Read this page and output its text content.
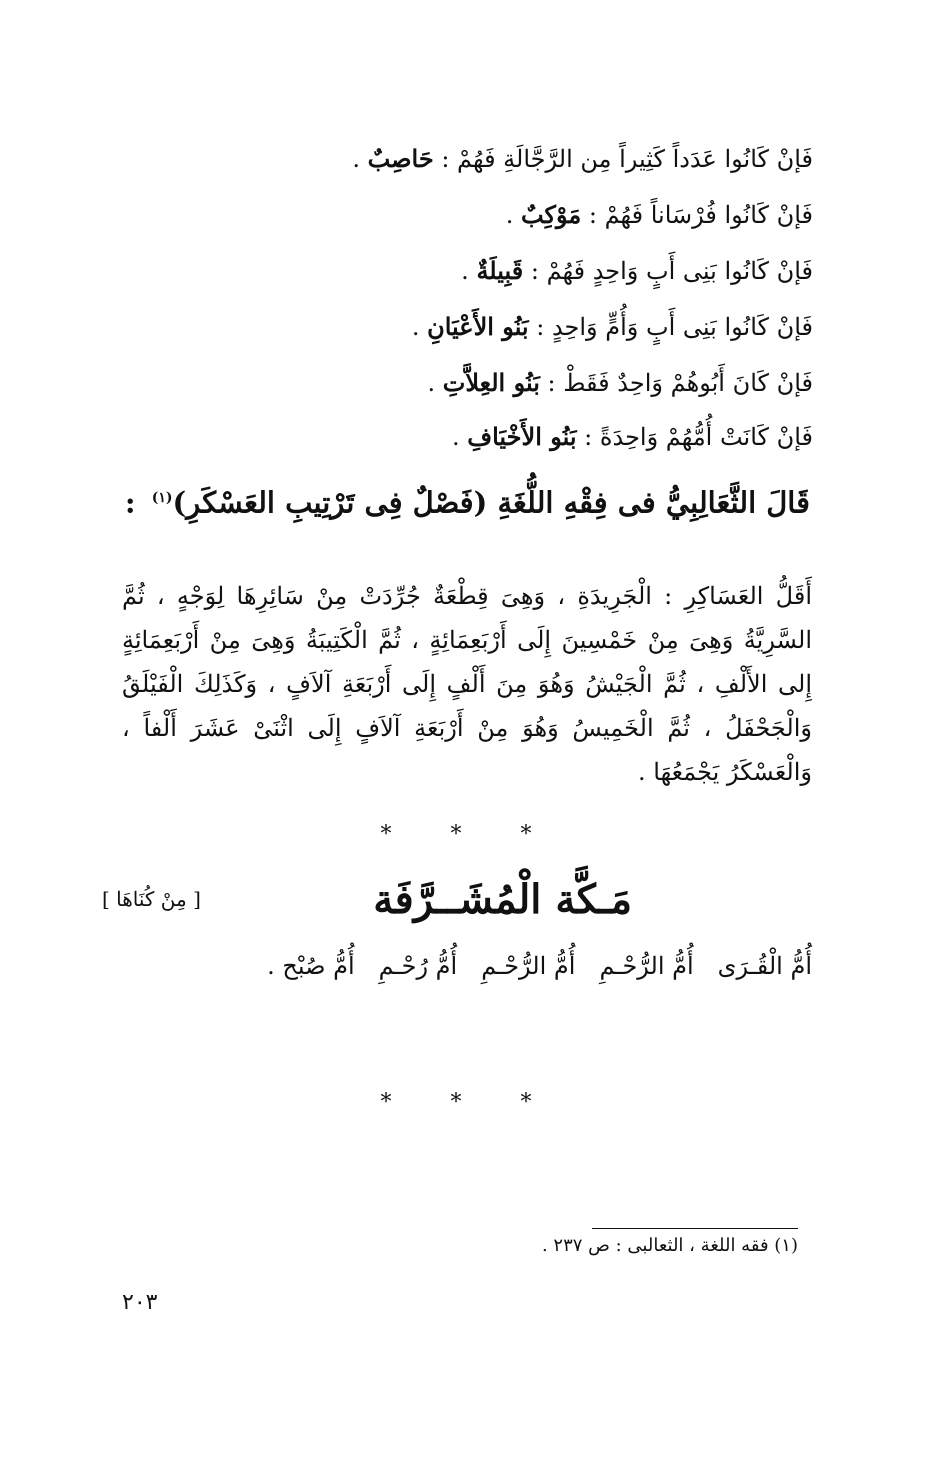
فَإنْ كَانُوا عَدَداً كَثِيراً مِن الرَّجَّالَةِ فَهُمْ : حَاصِبٌ .
فَإنْ كَانُوا فُرْسَاناً فَهُمْ : مَوْكِبٌ .
فَإنْ كَانُوا بَنِى أَبٍ وَاحِدٍ فَهُمْ : قَبِيلَةٌ .
فَإنْ كَانُوا بَنِى أَبٍ وَأُمٍّ وَاحِدٍ : بَنُو الأَعْيَانِ .
فَإنْ كَانَ أَبُوهُمْ وَاحِدٌ فَقَطْ : بَنُو العِلاَّتِ .
فَإنْ كَانَتْ أُمُّهُمْ وَاحِدَةً : بَنُو الأَخْيَافِ .
قَالَ الثَّعَالِبِيُّ فى فِقْهِ اللُّغَةِ (فَصْلٌ فِى تَرْتِيبِ العَسْكَرِ)$^{(١)}$ :

أَقَلُّ العَسَاكِرِ : الْجَرِيدَةِ ، وَهِىَ قِطْعَةٌ جُرِّدَتْ مِنْ سَائِرِهَا لِوَجْهٍ ، ثُمَّ السَّرِيَّةُ وَهِىَ مِنْ خَمْسِينَ إِلَى أَرْبَعِمَائِةٍ ، ثُمَّ الْكَتِيبَةُ وَهِىَ مِنْ أَرْبَعِمَائِةٍ إِلى الأَلْفِ ، ثُمَّ الْجَيْشُ وَهُوَ مِنَ أَلْفٍ إِلَى أَرْبَعَةِ آلاَفٍ ، وَكَذَلِكَ الْفَيْلَقُ وَالْجَحْفَلُ ، ثُمَّ الْخَمِيسُ وَهُوَ مِنْ أَرْبَعَةِ آلاَفٍ إِلَى اثْنَىْ عَشَرَ أَلْفاً ، وَالْعَسْكَرُ يَجْمَعُهَا .

* * *
مَـكَّة الْمُشَــرَّفَة
[ مِنْ كُنَاهَا ]
أُمُّ الْقُـرَى
أُمُّ الرُّحْـمِ
أُمُّ الرُّحْـمِ
أُمُّ رُحْـمِ
أُمُّ صُبْح .
* * *
(١) فقه اللغة ، الثعالبى : ص ٢٣٧ .
٢٠٣
